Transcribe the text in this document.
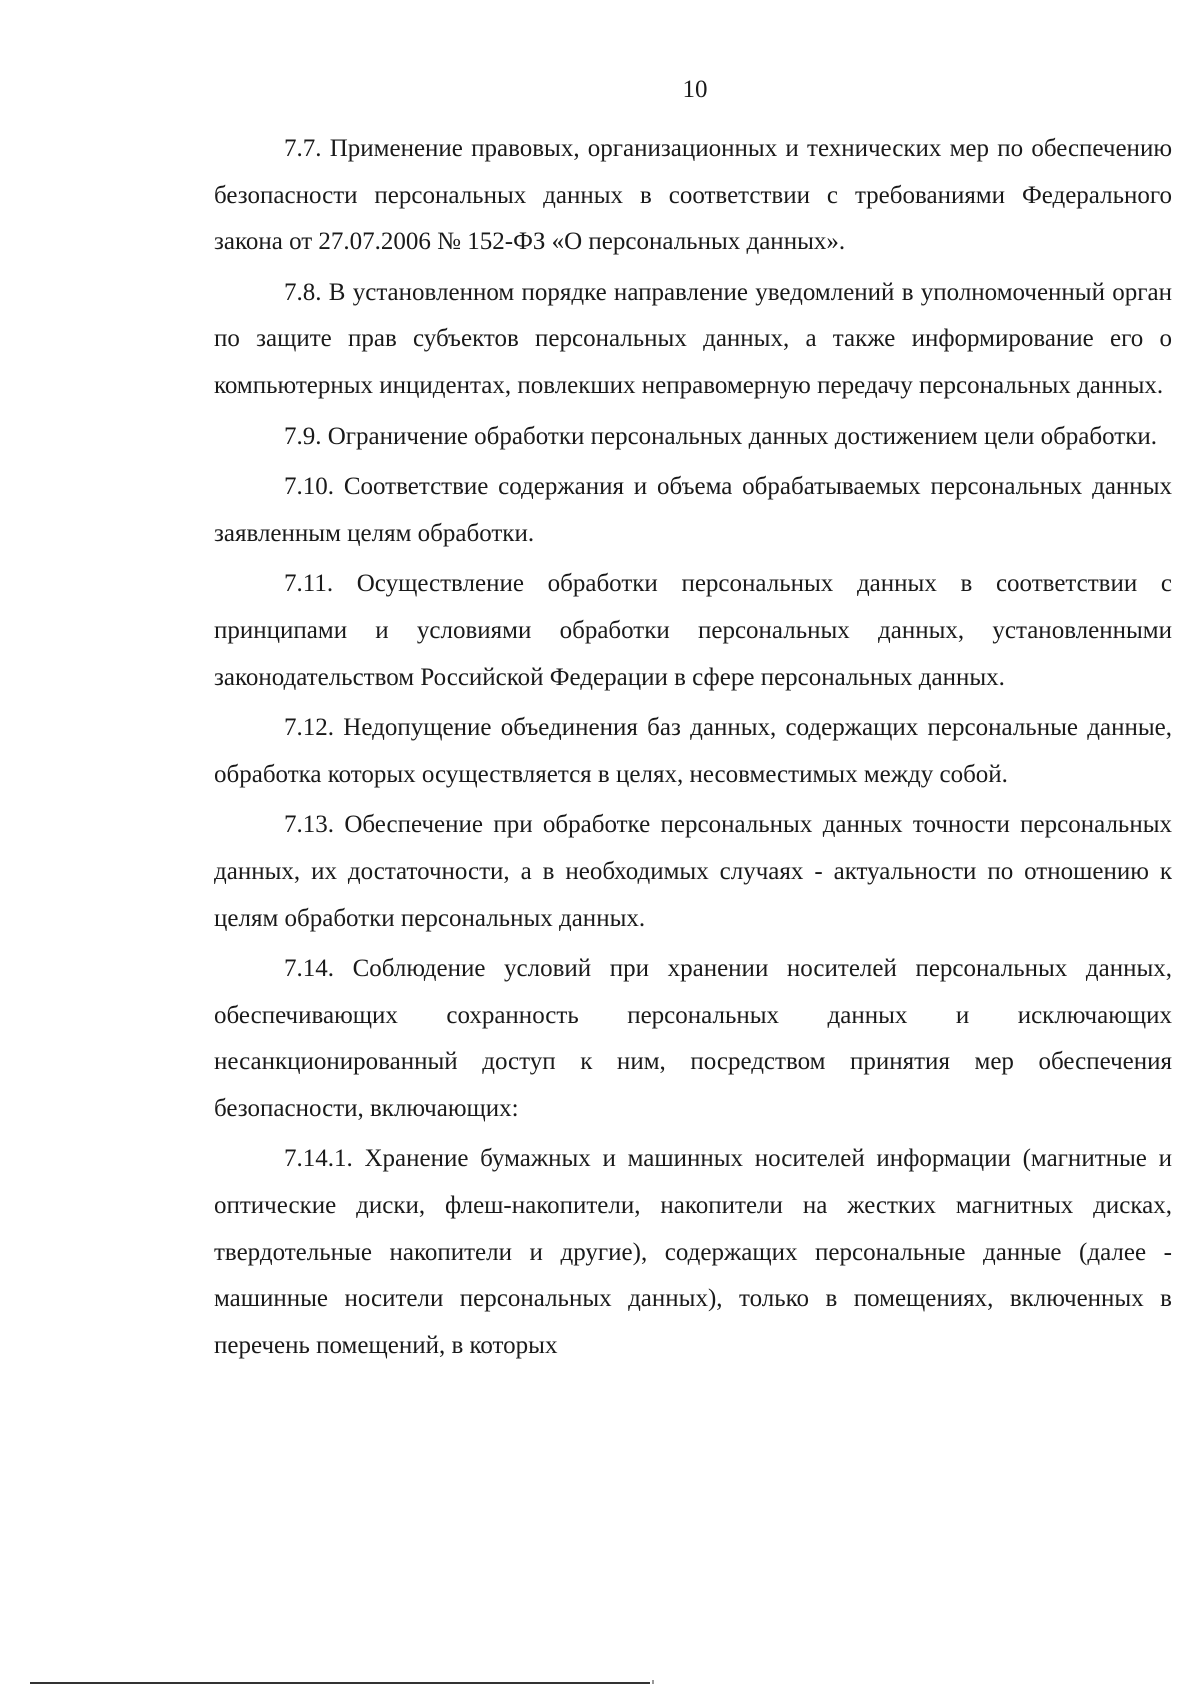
10

7.7. Применение правовых, организационных и технических мер по обеспечению безопасности персональных данных в соответствии с требованиями Федерального закона от 27.07.2006 № 152-ФЗ «О персональных данных».

7.8. В установленном порядке направление уведомлений в уполномоченный орган по защите прав субъектов персональных данных, а также информирование его о компьютерных инцидентах, повлекших неправомерную передачу персональных данных.

7.9. Ограничение обработки персональных данных достижением цели обработки.

7.10. Соответствие содержания и объема обрабатываемых персональных данных заявленным целям обработки.

7.11. Осуществление обработки персональных данных в соответствии с принципами и условиями обработки персональных данных, установленными законодательством Российской Федерации в сфере персональных данных.

7.12. Недопущение объединения баз данных, содержащих персональные данные, обработка которых осуществляется в целях, несовместимых между собой.

7.13. Обеспечение при обработке персональных данных точности персональных данных, их достаточности, а в необходимых случаях - актуальности по отношению к целям обработки персональных данных.

7.14. Соблюдение условий при хранении носителей персональных данных, обеспечивающих сохранность персональных данных и исключающих несанкционированный доступ к ним, посредством принятия мер обеспечения безопасности, включающих:

7.14.1. Хранение бумажных и машинных носителей информации (магнитные и оптические диски, флеш-накопители, накопители на жестких магнитных дисках, твердотельные накопители и другие), содержащих персональные данные (далее - машинные носители персональных данных), только в помещениях, включенных в перечень помещений, в которых
